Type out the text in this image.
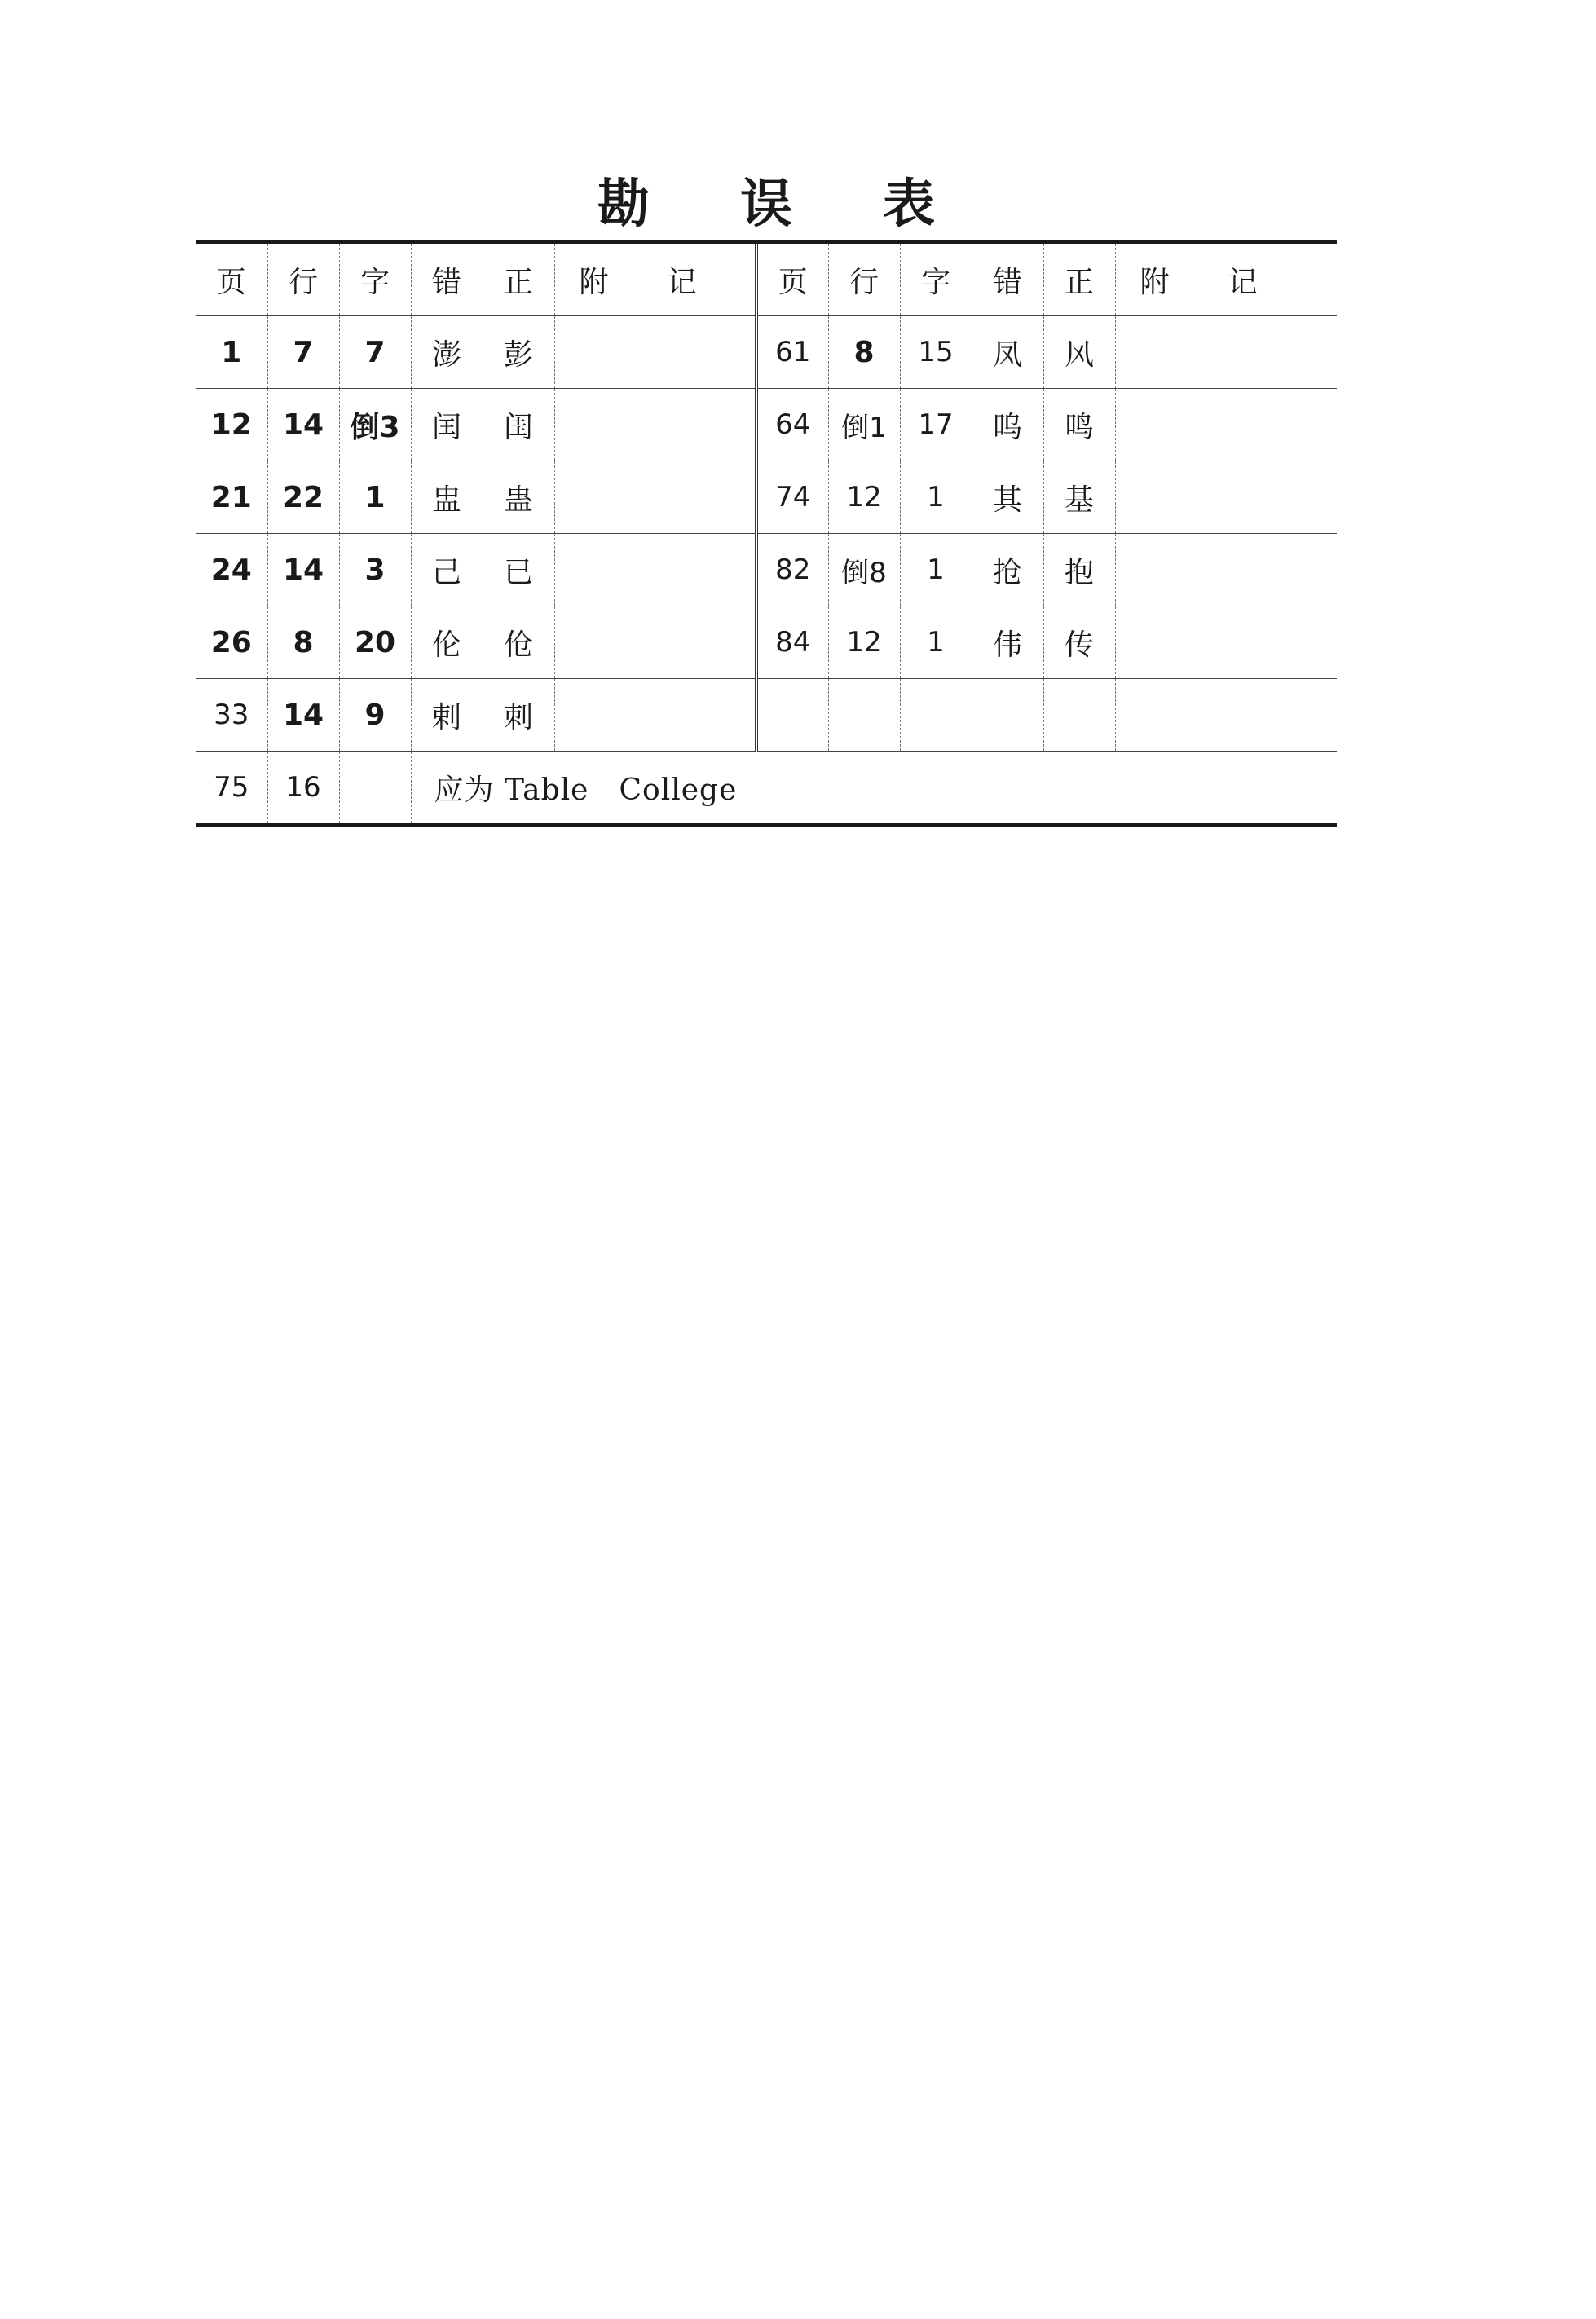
勘	误	表
页	行	字	错	正	附　　记	页	行	字	错	正	附　　记
1	7	7	澎	彭		61	8	15	凤	风	
12	14	倒3	闰	闺		64	倒1	17	呜	鸣	
21	22	1	盅	蛊		74	12	1	其	基	
24	14	3	己	已		82	倒8	1	抢	抱	
26	8	20	伦	伧		84	12	1	伟	传	
33	14	9	剌	刺							
75	16		应为 Table　College								
